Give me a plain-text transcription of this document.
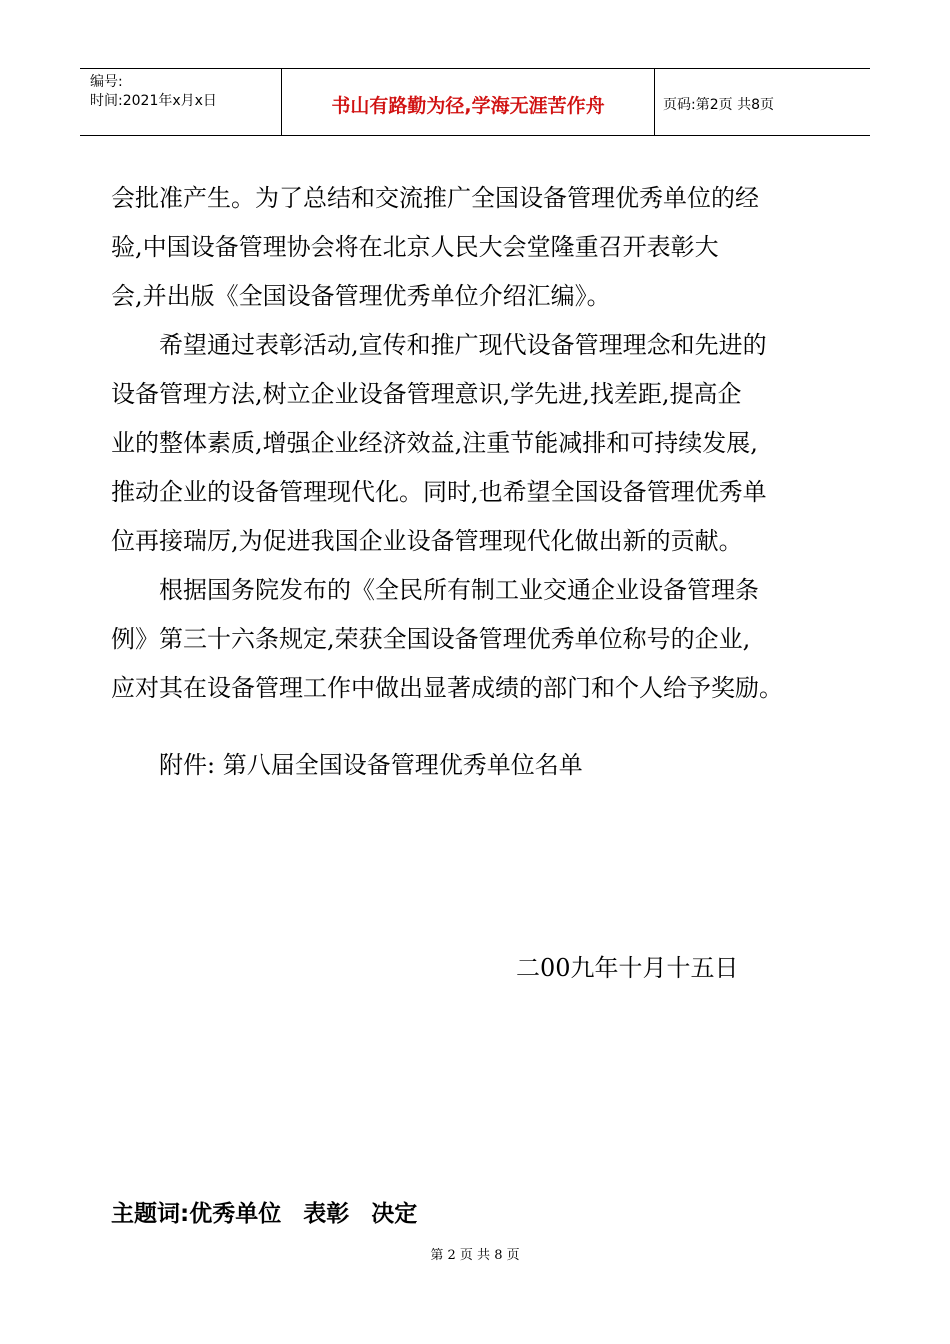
编号:
时间:2021年x月x日	书山有路勤为径,学海无涯苦作舟	页码:第2页 共8页

会批准产生。为了总结和交流推广全国设备管理优秀单位的经
验,中国设备管理协会将在北京人民大会堂隆重召开表彰大
会,并出版《全国设备管理优秀单位介绍汇编》。

希望通过表彰活动,宣传和推广现代设备管理理念和先进的
设备管理方法,树立企业设备管理意识,学先进,找差距,提高企
业的整体素质,增强企业经济效益,注重节能减排和可持续发展,
推动企业的设备管理现代化。同时,也希望全国设备管理优秀单
位再接瑞厉,为促进我国企业设备管理现代化做出新的贡献。

根据国务院发布的《全民所有制工业交通企业设备管理条
例》第三十六条规定,荣获全国设备管理优秀单位称号的企业,
应对其在设备管理工作中做出显著成绩的部门和个人给予奖励。

附件: 第八届全国设备管理优秀单位名单
二00九年十月十五日
主题词:优秀单位 表彰 决定
第 2 页 共 8 页
